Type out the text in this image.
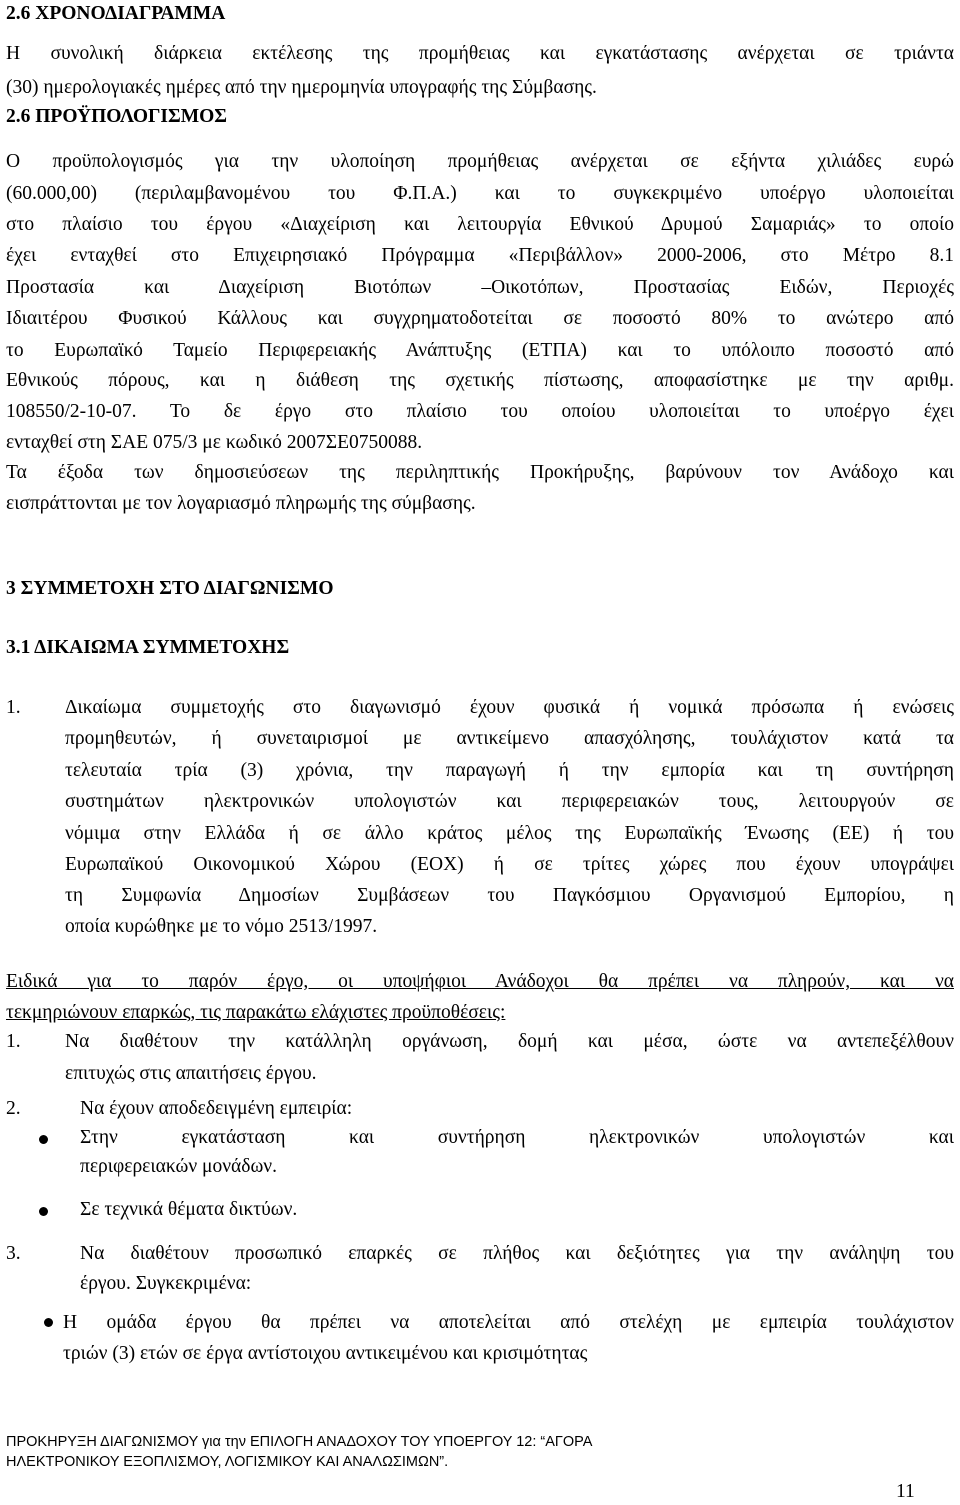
2.6 ΧΡΟΝΟΔΙΑΓΡΑΜΜΑ
Η συνολική διάρκεια εκτέλεσης της προμήθειας και εγκατάστασης ανέρχεται σε τριάντα
(30) ημερολογιακές ημέρες από την ημερομηνία υπογραφής της Σύμβασης.
2.6 ΠΡΟΫΠΟΛΟΓΙΣΜΟΣ
Ο προϋπολογισμός για την υλοποίηση προμήθειας ανέρχεται σε εξήντα χιλιάδες ευρώ
(60.000,00) (περιλαμβανομένου του Φ.Π.Α.) και το συγκεκριμένο υποέργο υλοποιείται
στο πλαίσιο του έργου «Διαχείριση και λειτουργία Εθνικού Δρυμού Σαμαριάς» το οποίο
έχει ενταχθεί στο Επιχειρησιακό Πρόγραμμα «Περιβάλλον» 2000-2006, στο Μέτρο 8.1
Προστασία και Διαχείριση Βιοτόπων –Οικοτόπων, Προστασίας Ειδών, Περιοχές
Ιδιαιτέρου Φυσικού Κάλλους και συγχρηματοδοτείται σε ποσοστό 80% το ανώτερο από
το Ευρωπαϊκό Ταμείο Περιφερειακής Ανάπτυξης (ΕΤΠΑ) και το υπόλοιπο ποσοστό από
Εθνικούς πόρους, και η διάθεση της σχετικής πίστωσης, αποφασίστηκε με την αριθμ.
108550/2-10-07. Το δε έργο στο πλαίσιο του οποίου υλοποιείται το υποέργο έχει
ενταχθεί στη ΣΑΕ 075/3 με κωδικό 2007ΣΕ0750088.
Τα έξοδα των δημοσιεύσεων της περιληπτικής Προκήρυξης, βαρύνουν τον Ανάδοχο και
εισπράττονται με τον λογαριασμό πληρωμής της σύμβασης.
3 ΣΥΜΜΕΤΟΧΗ ΣΤΟ ΔΙΑΓΩΝΙΣΜΟ
3.1 ΔΙΚΑΙΩΜΑ ΣΥΜΜΕΤΟΧΗΣ
1. Δικαίωμα συμμετοχής στο διαγωνισμό έχουν φυσικά ή νομικά πρόσωπα ή ενώσεις
προμηθευτών, ή συνεταιρισμοί με αντικείμενο απασχόλησης, τουλάχιστον κατά τα
τελευταία τρία (3) χρόνια, την παραγωγή ή την εμπορία και τη συντήρηση
συστημάτων ηλεκτρονικών υπολογιστών και περιφερειακών τους, λειτουργούν σε
νόμιμα στην Ελλάδα ή σε άλλο κράτος μέλος της Ευρωπαϊκής Ένωσης (ΕΕ) ή του
Ευρωπαϊκού Οικονομικού Χώρου (ΕΟΧ) ή σε τρίτες χώρες που έχουν υπογράψει
τη Συμφωνία Δημοσίων Συμβάσεων του Παγκόσμιου Οργανισμού Εμπορίου, η
οποία κυρώθηκε με το νόμο 2513/1997.
Ειδικά για το παρόν έργο, οι υποψήφιοι Ανάδοχοι θα πρέπει να πληρούν, και να
τεκμηριώνουν επαρκώς, τις παρακάτω ελάχιστες προϋποθέσεις:
1. Να διαθέτουν την κατάλληλη οργάνωση, δομή και μέσα, ώστε να αντεπεξέλθουν
επιτυχώς στις απαιτήσεις έργου.
2.	Να έχουν αποδεδειγμένη εμπειρία:
Στην εγκατάσταση και συντήρηση ηλεκτρονικών υπολογιστών και
περιφερειακών μονάδων.
Σε τεχνικά θέματα δικτύων.
3.	Να διαθέτουν προσωπικό επαρκές σε πλήθος και δεξιότητες για την ανάληψη του
έργου. Συγκεκριμένα:
Η ομάδα έργου θα πρέπει να αποτελείται από στελέχη με εμπειρία τουλάχιστον
τριών (3) ετών σε έργα αντίστοιχου αντικειμένου και κρισιμότητας
ΠΡΟΚΗΡΥΞΗ ΔΙΑΓΩΝΙΣΜΟΥ για την ΕΠΙΛΟΓΗ ΑΝΑΔΟΧΟΥ ΤΟΥ ΥΠΟΕΡΓΟΥ 12: “ΑΓΟΡΑ
ΗΛΕΚΤΡΟΝΙΚΟΥ ΕΞΟΠΛΙΣΜΟΥ, ΛΟΓΙΣΜΙΚΟΥ ΚΑΙ ΑΝΑΛΩΣΙΜΩΝ”.
11
